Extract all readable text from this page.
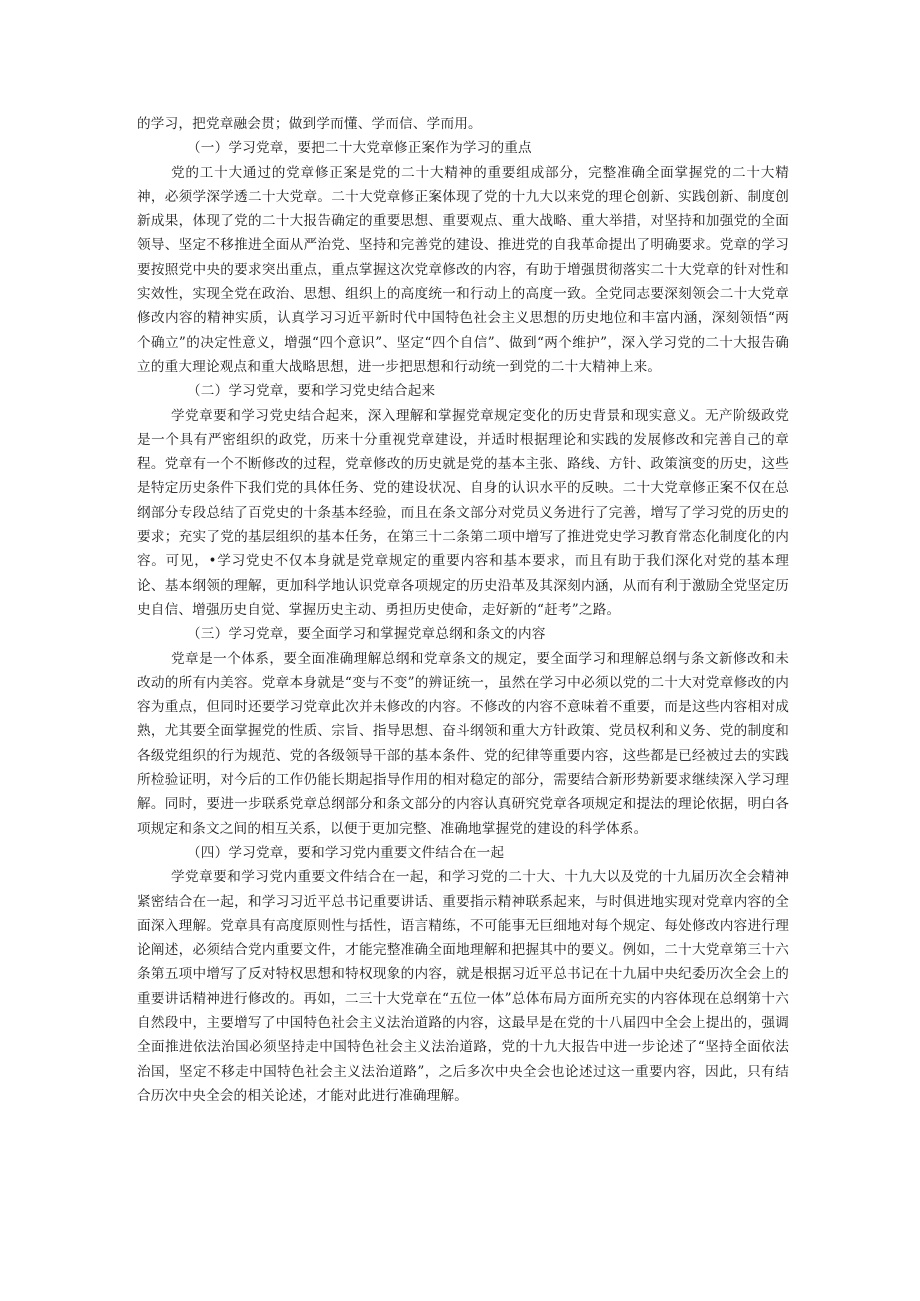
的学习，把党章融会贯；做到学而懂、学而信、学而用。

（一）学习党章，要把二十大党章修正案作为学习的重点

党的工十大通过的党章修正案是党的二十大精神的重要组成部分，完整准确全面掌握党的二十大精神，必须学深学透二十大党章。二十大党章修正案体现了党的十九大以来党的理仑创新、实践创新、制度创新成果，体现了党的二十大报告确定的重要思想、重要观点、重大战略、重大举措，对坚持和加强党的全面领导、坚定不移推进全面从严治党、坚持和完善党的建设、推进党的自我革命提出了明确要求。党章的学习要按照党中央的要求突出重点，重点掌握这次党章修改的内容，有助于增强贯彻落实二十大党章的针对性和实效性，实现全党在政治、思想、组织上的高度统一和行动上的高度一致。全党同志要深刻领会二十大党章修改内容的精神实质，认真学习习近平新时代中国特色社会主义思想的历史地位和丰富内涵，深刻领悟“两个确立”的决定性意义，增强“四个意识”、坚定“四个自信”、做到“两个维护”，深入学习党的二十大报告确立的重大理论观点和重大战略思想，进一步把思想和行动统一到党的二十大精神上来。

（二）学习党章，要和学习党史结合起来

学党章要和学习党史结合起来，深入理解和掌握党章规定变化的历史背景和现实意义。无产阶级政党是一个具有严密组织的政党，历来十分重视党章建设，并适时根据理论和实践的发展修改和完善自己的章程。党章有一个不断修改的过程，党章修改的历史就是党的基本主张、路线、方针、政策演变的历史，这些是特定历史条件下我们党的具体任务、党的建设状况、自身的认识水平的反映。二十大党章修正案不仅在总纲部分专段总结了百党史的十条基本经验，而且在条文部分对党员义务进行了完善，增写了学习党的历史的要求；充实了党的基层组织的基本任务，在第三十二条第二项中增写了推进党史学习教育常态化制度化的内容。可见，•学习党史不仅本身就是党章规定的重要内容和基本要求，而且有助于我们深化对党的基本理论、基本纲领的理解，更加科学地认识党章各项规定的历史沿革及其深刻内涵，从而有利于激励全党坚定历史自信、增强历史自觉、掌握历史主动、勇担历史使命，走好新的“赶考”之路。

（三）学习党章，要全面学习和掌握党章总纲和条文的内容

党章是一个体系，要全面准确理解总纲和党章条文的规定，要全面学习和理解总纲与条文新修改和未改动的所有内美容。党章本身就是“变与不变”的辨证统一，虽然在学习中必须以党的二十大对党章修改的内容为重点，但同时还要学习党章此次并未修改的内容。不修改的内容不意味着不重要，而是这些内容相对成熟，尤其要全面掌握党的性质、宗旨、指导思想、奋斗纲领和重大方针政策、党员权利和义务、党的制度和各级党组织的行为规范、党的各级领导干部的基本条件、党的纪律等重要内容，这些都是已经被过去的实践所检验证明，对今后的工作仍能长期起指导作用的相对稳定的部分，需要结合新形势新要求继续深入学习理解。同时，要进一步联系党章总纲部分和条文部分的内容认真研究党章各项规定和提法的理论依据，明白各项规定和条文之间的相互关系，以便于更加完整、准确地掌握党的建设的科学体系。

（四）学习党章，要和学习党内重要文件结合在一起

学党章要和学习党内重要文件结合在一起，和学习党的二十大、十九大以及党的十九届历次全会精神紧密结合在一起，和学习习近平总书记重要讲话、重要指示精神联系起来，与时俱进地实现对党章内容的全面深入理解。党章具有高度原则性与括性，语言精练，不可能事无巨细地对每个规定、每处修改内容进行理论阐述，必须结合党内重要文件，才能完整准确全面地理解和把握其中的要义。例如，二十大党章第三十六条第五项中增写了反对特权思想和特权现象的内容，就是根据习近平总书记在十九届中央纪委历次全会上的重要讲话精神进行修改的。再如，二三十大党章在“五位一体”总体布局方面所充实的内容体现在总纲第十六自然段中，主要增写了中国特色社会主义法治道路的内容，这最早是在党的十八届四中全会上提出的，强调全面推进依法治国必须坚持走中国特色社会主义法治道路，党的十九大报告中进一步论述了“坚持全面依法治国，坚定不移走中国特色社会主义法治道路”，之后多次中央全会也论述过这一重要内容，因此，只有结合历次中央全会的相关论述，才能对此进行准确理解。
